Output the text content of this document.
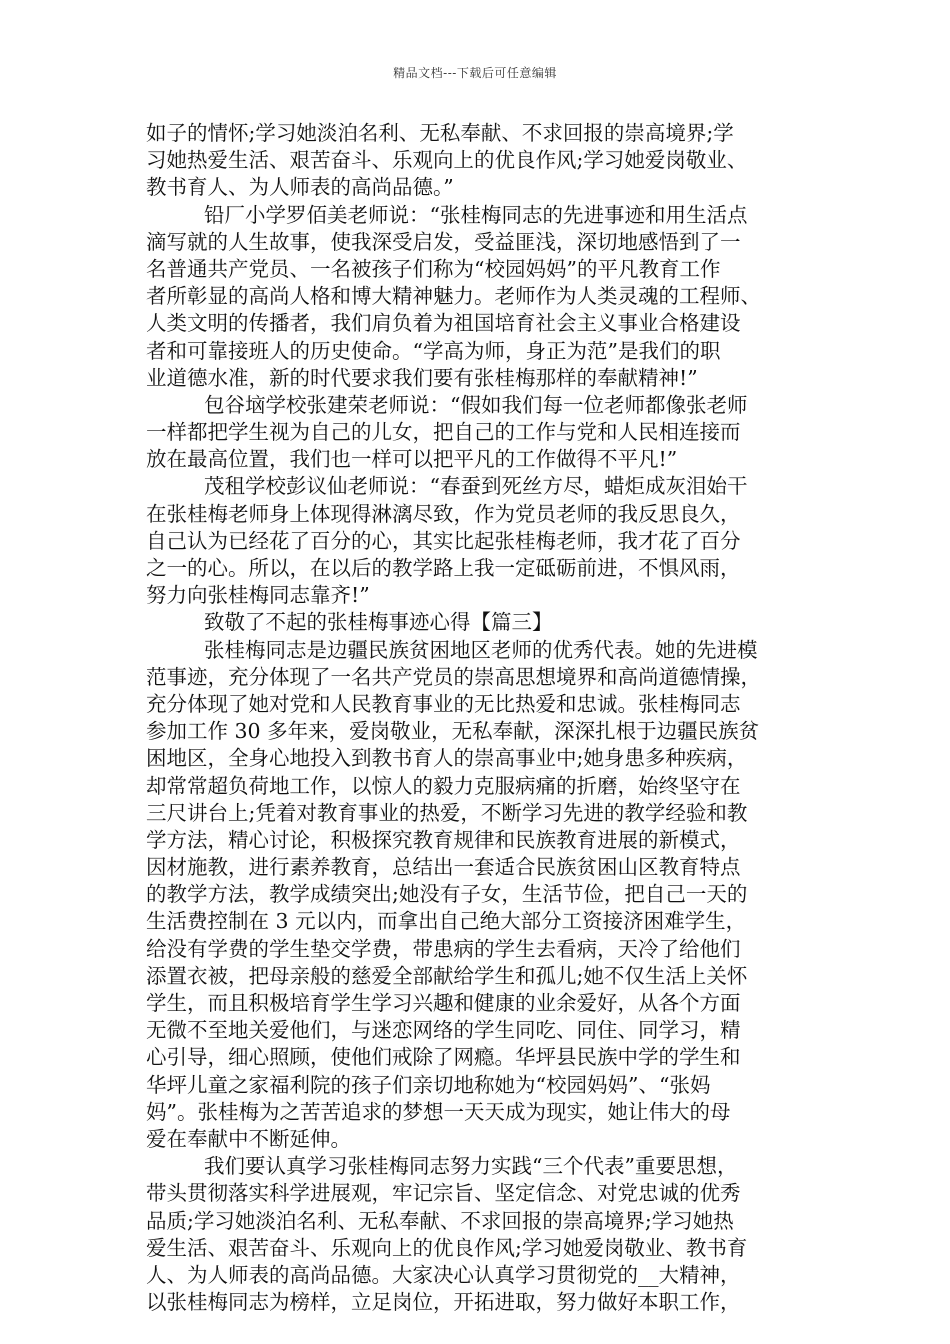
精品文档---下载后可任意编辑
如子的情怀;学习她淡泊名利、无私奉献、不求回报的崇高境界;学
习她热爱生活、艰苦奋斗、乐观向上的优良作风;学习她爱岗敬业、
教书育人、为人师表的高尚品德。”
铅厂小学罗佰美老师说：“张桂梅同志的先进事迹和用生活点
滴写就的人生故事，使我深受启发，受益匪浅，深切地感悟到了一
名普通共产党员、一名被孩子们称为“校园妈妈”的平凡教育工作
者所彰显的高尚人格和博大精神魅力。老师作为人类灵魂的工程师、
人类文明的传播者，我们肩负着为祖国培育社会主义事业合格建设
者和可靠接班人的历史使命。“学高为师，身正为范”是我们的职
业道德水准，新的时代要求我们要有张桂梅那样的奉献精神!”
包谷垴学校张建荣老师说：“假如我们每一位老师都像张老师
一样都把学生视为自己的儿女，把自己的工作与党和人民相连接而
放在最高位置，我们也一样可以把平凡的工作做得不平凡!”
茂租学校彭议仙老师说：“春蚕到死丝方尽，蜡炬成灰泪始干
在张桂梅老师身上体现得淋漓尽致，作为党员老师的我反思良久，
自己认为已经花了百分的心，其实比起张桂梅老师，我才花了百分
之一的心。所以，在以后的教学路上我一定砥砺前进，不惧风雨，
努力向张桂梅同志靠齐!”
致敬了不起的张桂梅事迹心得【篇三】
张桂梅同志是边疆民族贫困地区老师的优秀代表。她的先进模
范事迹，充分体现了一名共产党员的崇高思想境界和高尚道德情操，
充分体现了她对党和人民教育事业的无比热爱和忠诚。张桂梅同志
参加工作 30 多年来，爱岗敬业，无私奉献，深深扎根于边疆民族贫
困地区，全身心地投入到教书育人的崇高事业中;她身患多种疾病，
却常常超负荷地工作，以惊人的毅力克服病痛的折磨，始终坚守在
三尺讲台上;凭着对教育事业的热爱，不断学习先进的教学经验和教
学方法，精心讨论，积极探究教育规律和民族教育进展的新模式，
因材施教，进行素养教育，总结出一套适合民族贫困山区教育特点
的教学方法，教学成绩突出;她没有子女，生活节俭，把自己一天的
生活费控制在 3 元以内，而拿出自己绝大部分工资接济困难学生，
给没有学费的学生垫交学费，带患病的学生去看病，天冷了给他们
添置衣被，把母亲般的慈爱全部献给学生和孤儿;她不仅生活上关怀
学生，而且积极培育学生学习兴趣和健康的业余爱好，从各个方面
无微不至地关爱他们，与迷恋网络的学生同吃、同住、同学习，精
心引导，细心照顾，使他们戒除了网瘾。华坪县民族中学的学生和
华坪儿童之家福利院的孩子们亲切地称她为“校园妈妈”、“张妈
妈”。张桂梅为之苦苦追求的梦想一天天成为现实，她让伟大的母
爱在奉献中不断延伸。
我们要认真学习张桂梅同志努力实践“三个代表”重要思想，
带头贯彻落实科学进展观，牢记宗旨、坚定信念、对党忠诚的优秀
品质;学习她淡泊名利、无私奉献、不求回报的崇高境界;学习她热
爱生活、艰苦奋斗、乐观向上的优良作风;学习她爱岗敬业、教书育
人、为人师表的高尚品德。大家决心认真学习贯彻党的__大精神，
以张桂梅同志为榜样，立足岗位，开拓进取，努力做好本职工作，
